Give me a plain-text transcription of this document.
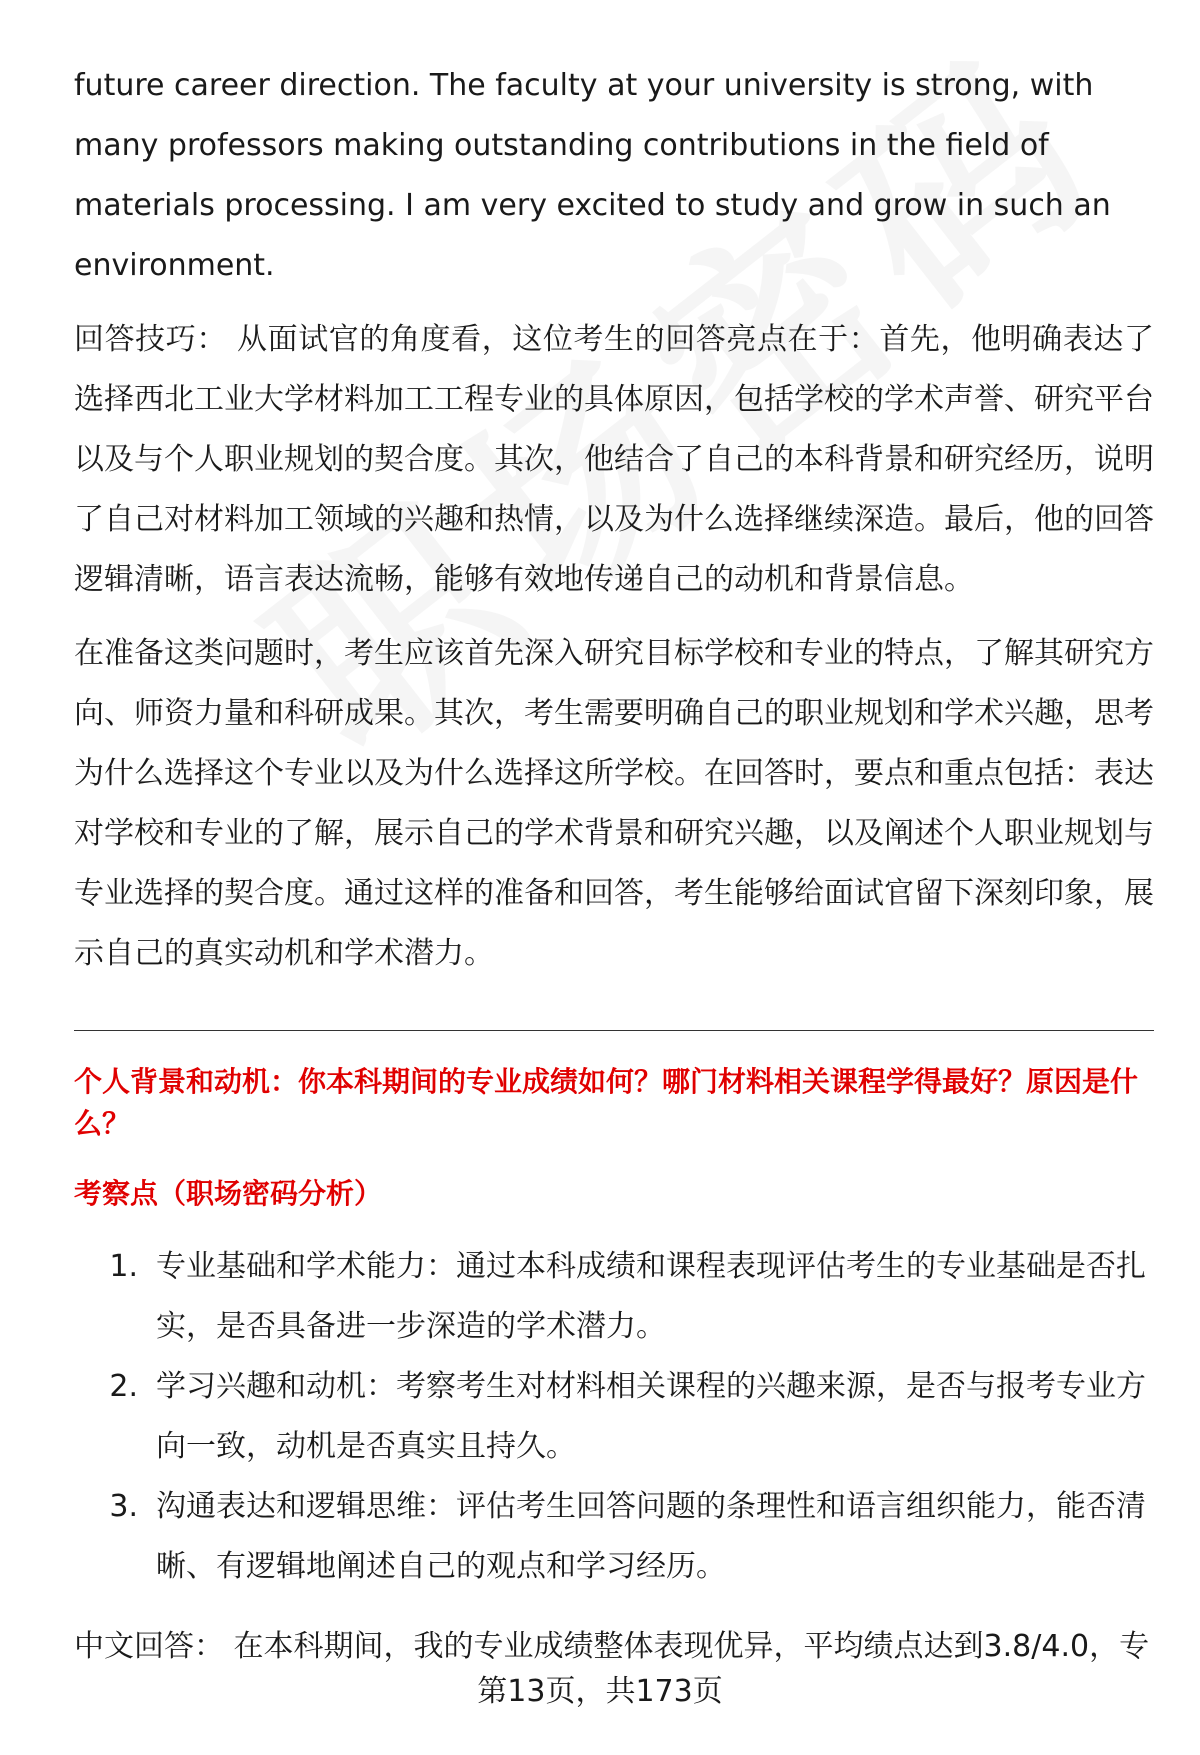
future career direction. The faculty at your university is strong, with many professors making outstanding contributions in the field of materials processing. I am very excited to study and grow in such an environment.

回答技巧： 从面试官的角度看，这位考生的回答亮点在于：首先，他明确表达了选择西北工业大学材料加工工程专业的具体原因，包括学校的学术声誉、研究平台以及与个人职业规划的契合度。其次，他结合了自己的本科背景和研究经历，说明了自己对材料加工领域的兴趣和热情，以及为什么选择继续深造。最后，他的回答逻辑清晰，语言表达流畅，能够有效地传递自己的动机和背景信息。

在准备这类问题时，考生应该首先深入研究目标学校和专业的特点，了解其研究方向、师资力量和科研成果。其次，考生需要明确自己的职业规划和学术兴趣，思考为什么选择这个专业以及为什么选择这所学校。在回答时，要点和重点包括：表达对学校和专业的了解，展示自己的学术背景和研究兴趣，以及阐述个人职业规划与专业选择的契合度。通过这样的准备和回答，考生能够给面试官留下深刻印象，展示自己的真实动机和学术潜力。

个人背景和动机：你本科期间的专业成绩如何？哪门材料相关课程学得最好？原因是什么？
考察点（职场密码分析）
1. 专业基础和学术能力：通过本科成绩和课程表现评估考生的专业基础是否扎实，是否具备进一步深造的学术潜力。
2. 学习兴趣和动机：考察考生对材料相关课程的兴趣来源，是否与报考专业方向一致，动机是否真实且持久。
3. 沟通表达和逻辑思维：评估考生回答问题的条理性和语言组织能力，能否清晰、有逻辑地阐述自己的观点和学习经历。

中文回答： 在本科期间，我的专业成绩整体表现优异，平均绩点达到3.8/4.0，专

第13页，共173页
